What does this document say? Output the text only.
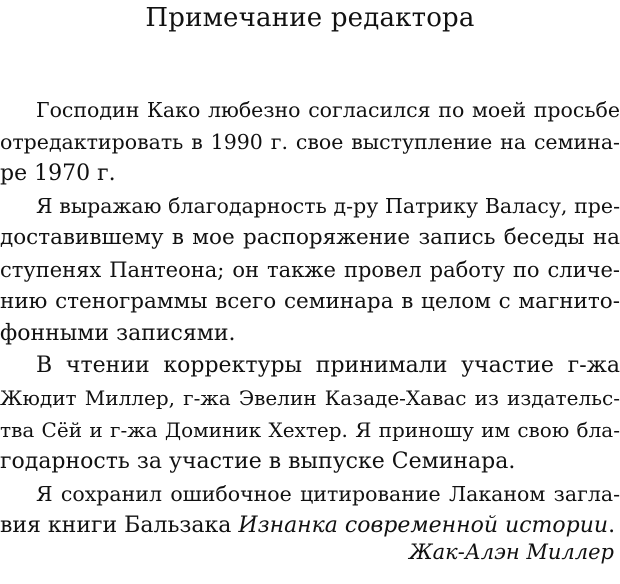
Примечание редактора

Господин Како любезно согласился по моей просьбе

отредактировать в 1990 г. свое выступление на семина-

ре 1970 г.

Я выражаю благодарность д-ру Патрику Валасу, пре-

доставившему в мое распоряжение запись беседы на

ступенях Пантеона; он также провел работу по сличе-

нию стенограммы всего семинара в целом с магнито-

фонными записями.

В чтении корректуры принимали участие г-жа

Жюдит Миллер, г-жа Эвелин Казаде-Хавас из издательс-

тва Сёй и г-жа Доминик Хехтер. Я приношу им свою бла-

годарность за участие в выпуске Семинара.

Я сохранил ошибочное цитирование Лаканом загла-

вия книги Бальзака Изнанка современной истории.

Жак-Алэн Миллер
